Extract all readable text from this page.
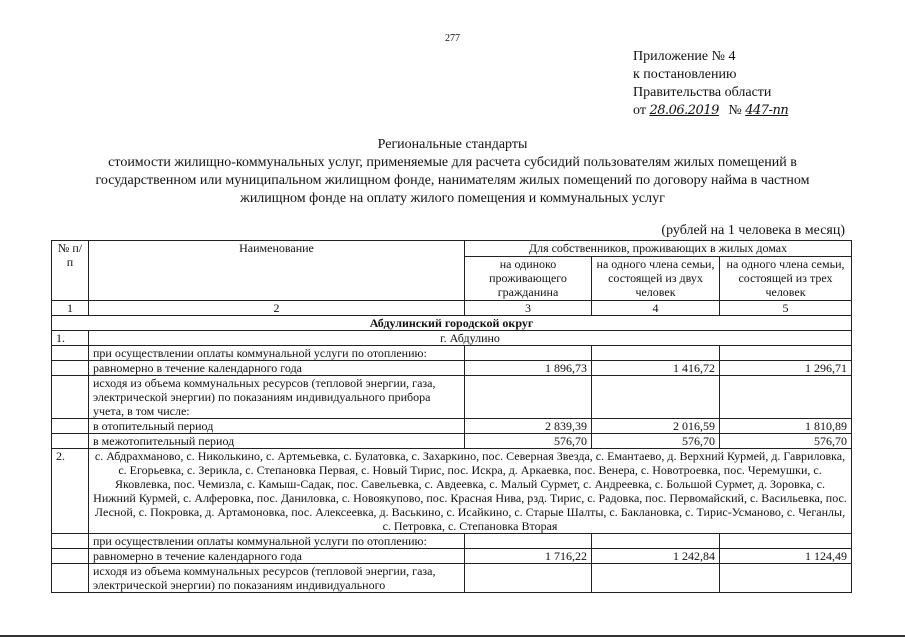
277
Приложение № 4
к постановлению
Правительства области
от 28.06.2019 № 447-пп
Региональные стандарты
стоимости жилищно-коммунальных услуг, применяемые для расчета субсидий пользователям жилых помещений в
государственном или муниципальном жилищном фонде, нанимателям жилых помещений по договору найма в частном
жилищном фонде на оплату жилого помещения и коммунальных услуг
(рублей на 1 человека в месяц)
№ п/п	Наименование	Для собственников, проживающих в жилых домах		
		на одиноко проживающего гражданина	на одного члена семьи, состоящей из двух человек	на одного члена семьи, состоящей из трех человек
1	2	3	4	5
Абдулинский городской округ				
1.	г. Абдулино			
	при осуществлении оплаты коммунальной услуги по отоплению:			
	равномерно в течение календарного года	1 896,73	1 416,72	1 296,71
	исходя из объема коммунальных ресурсов (тепловой энергии, газа, электрической энергии) по показаниям индивидуального прибора учета, в том числе:			
	в отопительный период	2 839,39	2 016,59	1 810,89
	в межотопительный период	576,70	576,70	576,70
2.	с. Абдрахманово, с. Николькино, с. Артемьевка, с. Булатовка, с. Захаркино, пос. Северная Звезда, с. Емантаево, д. Верхний Курмей, д. Гавриловка, с. Егорьевка, с. Зерикла, с. Степановка Первая, с. Новый Тирис, пос. Искра, д. Аркаевка, пос. Венера, с. Новотроевка, пос. Черемушки, с. Яковлевка, пос. Чемизла, с. Камыш-Садак, пос. Савельевка, с. Авдеевка, с. Малый Сурмет, с. Андреевка, с. Большой Сурмет, д. Зоровка, с. Нижний Курмей, с. Алферовка, пос. Даниловка, с. Новоякупово, пос. Красная Нива, рзд. Тирис, с. Радовка, пос. Первомайский, с. Васильевка, пос. Лесной, с. Покровка, д. Артамоновка, пос. Алексеевка, д. Васькино, с. Исайкино, с. Старые Шалты, с. Баклановка, с. Тирис-Усманово, с. Чеганлы, с. Петровка, с. Степановка Вторая			
	при осуществлении оплаты коммунальной услуги по отоплению:			
	равномерно в течение календарного года	1 716,22	1 242,84	1 124,49
	исходя из объема коммунальных ресурсов (тепловой энергии, газа, электрической энергии) по показаниям индивидуального			
